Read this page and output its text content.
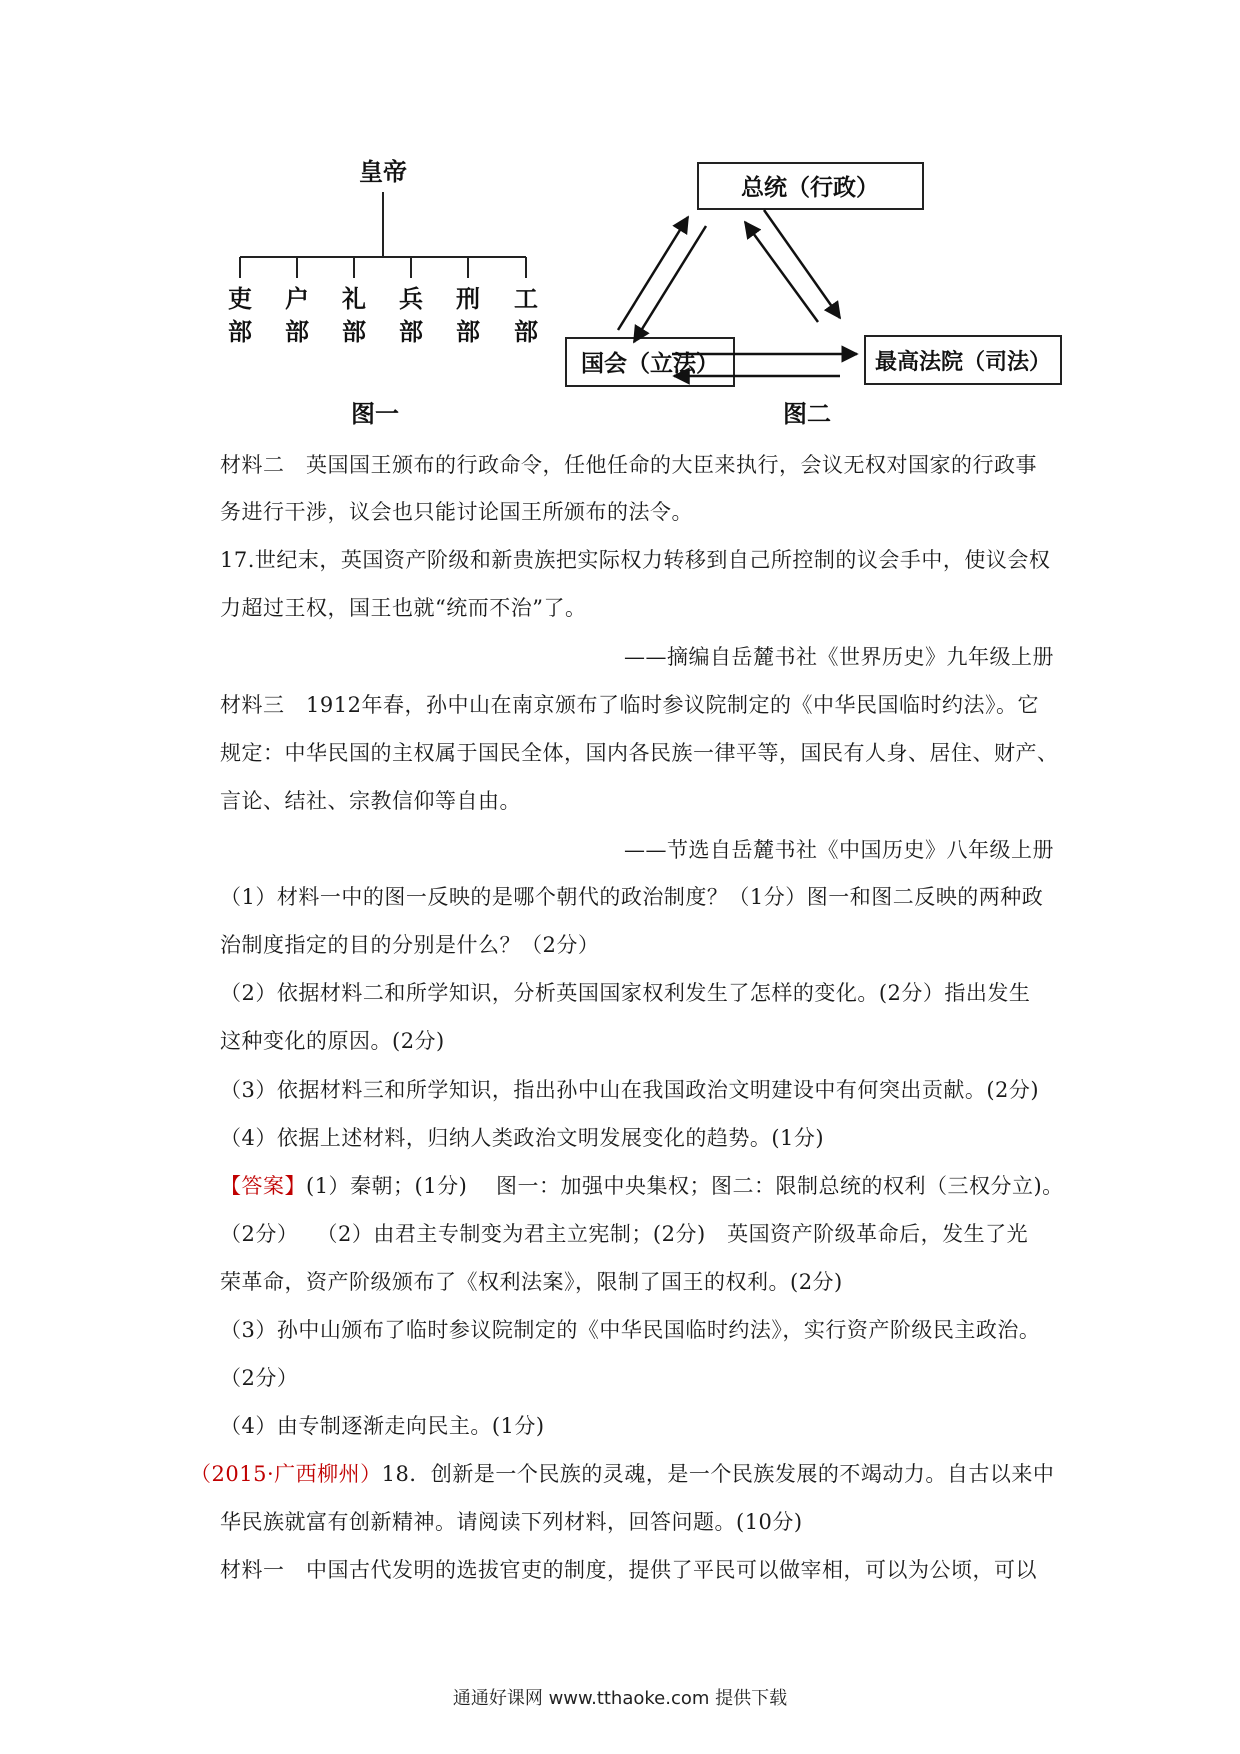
皇帝
吏
部
户
部
礼
部
兵
部
刑
部
工
部
图一
总统（行政）
国会（立法）	最高法院（司法）
图二
材料二　英国国王颁布的行政命令，任他任命的大臣来执行，会议无权对国家的行政事
务进行干涉，议会也只能讨论国王所颁布的法令。
17.世纪末，英国资产阶级和新贵族把实际权力转移到自己所控制的议会手中，使议会权
力超过王权，国王也就“统而不治”了。
——摘编自岳麓书社《世界历史》九年级上册
材料三　1912年春，孙中山在南京颁布了临时参议院制定的《中华民国临时约法》。它
规定：中华民国的主权属于国民全体，国内各民族一律平等，国民有人身、居住、财产、
言论、结社、宗教信仰等自由。
——节选自岳麓书社《中国历史》八年级上册
（1）材料一中的图一反映的是哪个朝代的政治制度？（1分）图一和图二反映的两种政
治制度指定的目的分别是什么？（2分）
（2）依据材料二和所学知识，分析英国国家权利发生了怎样的变化。(2分）指出发生
这种变化的原因。(2分)
（3）依据材料三和所学知识，指出孙中山在我国政治文明建设中有何突出贡献。(2分)
（4）依据上述材料，归纳人类政治文明发展变化的趋势。(1分)
【答案】(1）秦朝；(1分)　 图一：加强中央集权；图二：限制总统的权利（三权分立)。
（2分）　 （2）由君主专制变为君主立宪制；(2分)　英国资产阶级革命后，发生了光
荣革命，资产阶级颁布了《权利法案》，限制了国王的权利。(2分)
（3）孙中山颁布了临时参议院制定的《中华民国临时约法》，实行资产阶级民主政治。
（2分）
（4）由专制逐渐走向民主。(1分)
（2015·广西柳州）18．创新是一个民族的灵魂，是一个民族发展的不竭动力。自古以来中
华民族就富有创新精神。请阅读下列材料，回答问题。(10分)
材料一　中国古代发明的选拔官吏的制度，提供了平民可以做宰相，可以为公顷，可以
通通好课网 www.tthaoke.com 提供下载
